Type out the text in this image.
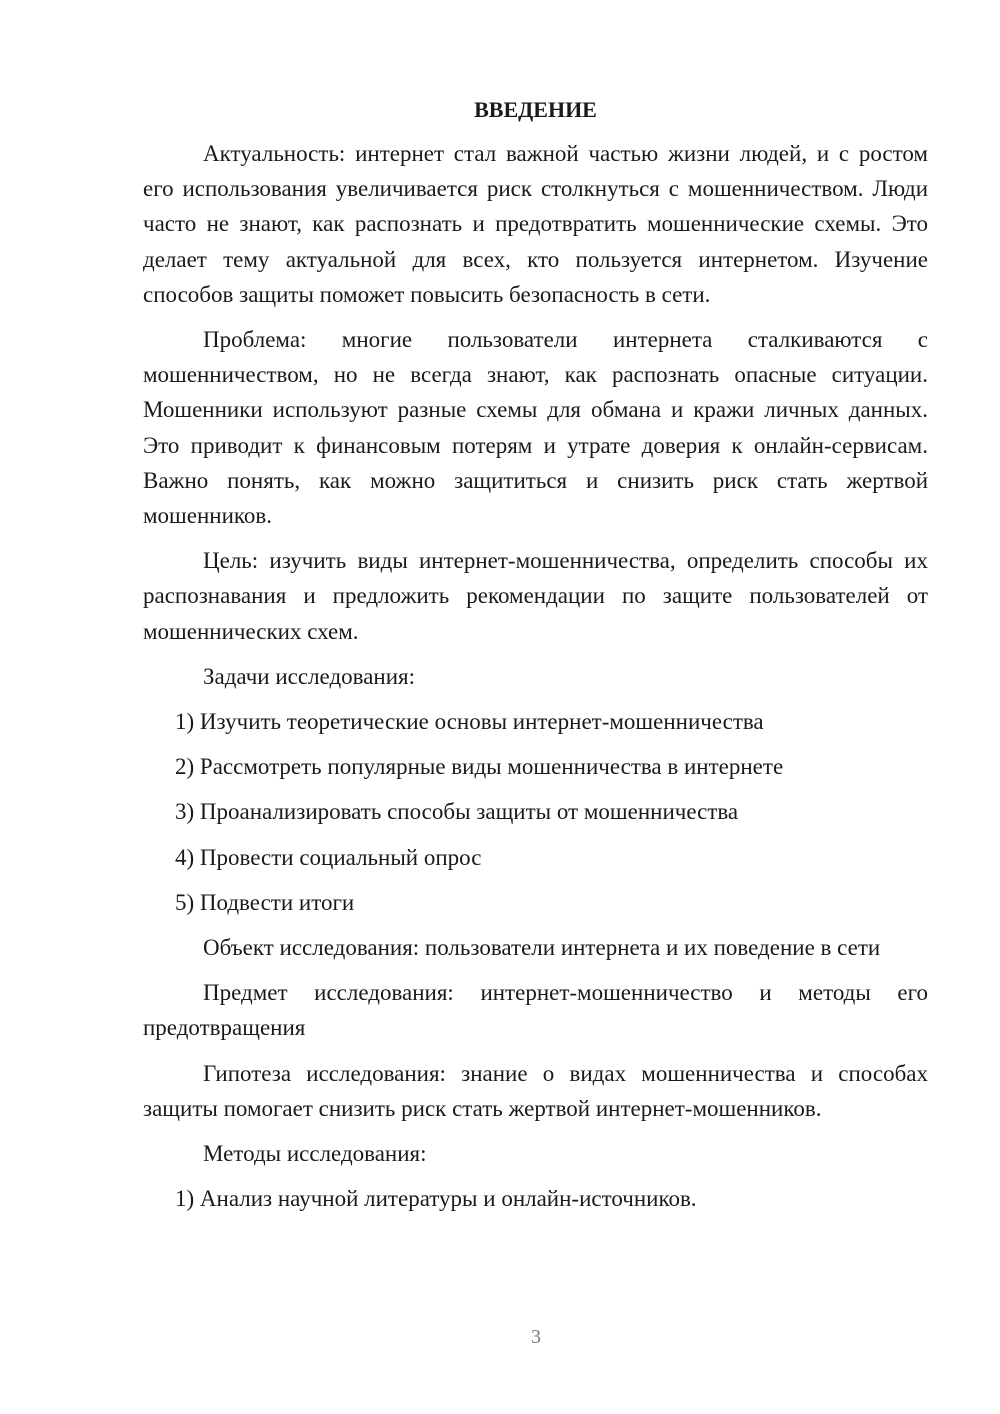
ВВЕДЕНИЕ

Актуальность: интернет стал важной частью жизни людей, и с ростом его использования увеличивается риск столкнуться с мошенничеством. Люди часто не знают, как распознать и предотвратить мошеннические схемы. Это делает тему актуальной для всех, кто пользуется интернетом. Изучение способов защиты поможет повысить безопасность в сети.

Проблема: многие пользователи интернета сталкиваются с мошенничеством, но не всегда знают, как распознать опасные ситуации. Мошенники используют разные схемы для обмана и кражи личных данных. Это приводит к финансовым потерям и утрате доверия к онлайн-сервисам. Важно понять, как можно защититься и снизить риск стать жертвой мошенников.

Цель: изучить виды интернет-мошенничества, определить способы их распознавания и предложить рекомендации по защите пользователей от мошеннических схем.

Задачи исследования:

1) Изучить теоретические основы интернет-мошенничества

2) Рассмотреть популярные виды мошенничества в интернете

3) Проанализировать способы защиты от мошенничества

4) Провести социальный опрос

5) Подвести итоги

Объект исследования: пользователи интернета и их поведение в сети

Предмет исследования: интернет-мошенничество и методы его предотвращения

Гипотеза исследования: знание о видах мошенничества и способах защиты помогает снизить риск стать жертвой интернет-мошенников.

Методы исследования:

1) Анализ научной литературы и онлайн-источников.

3
